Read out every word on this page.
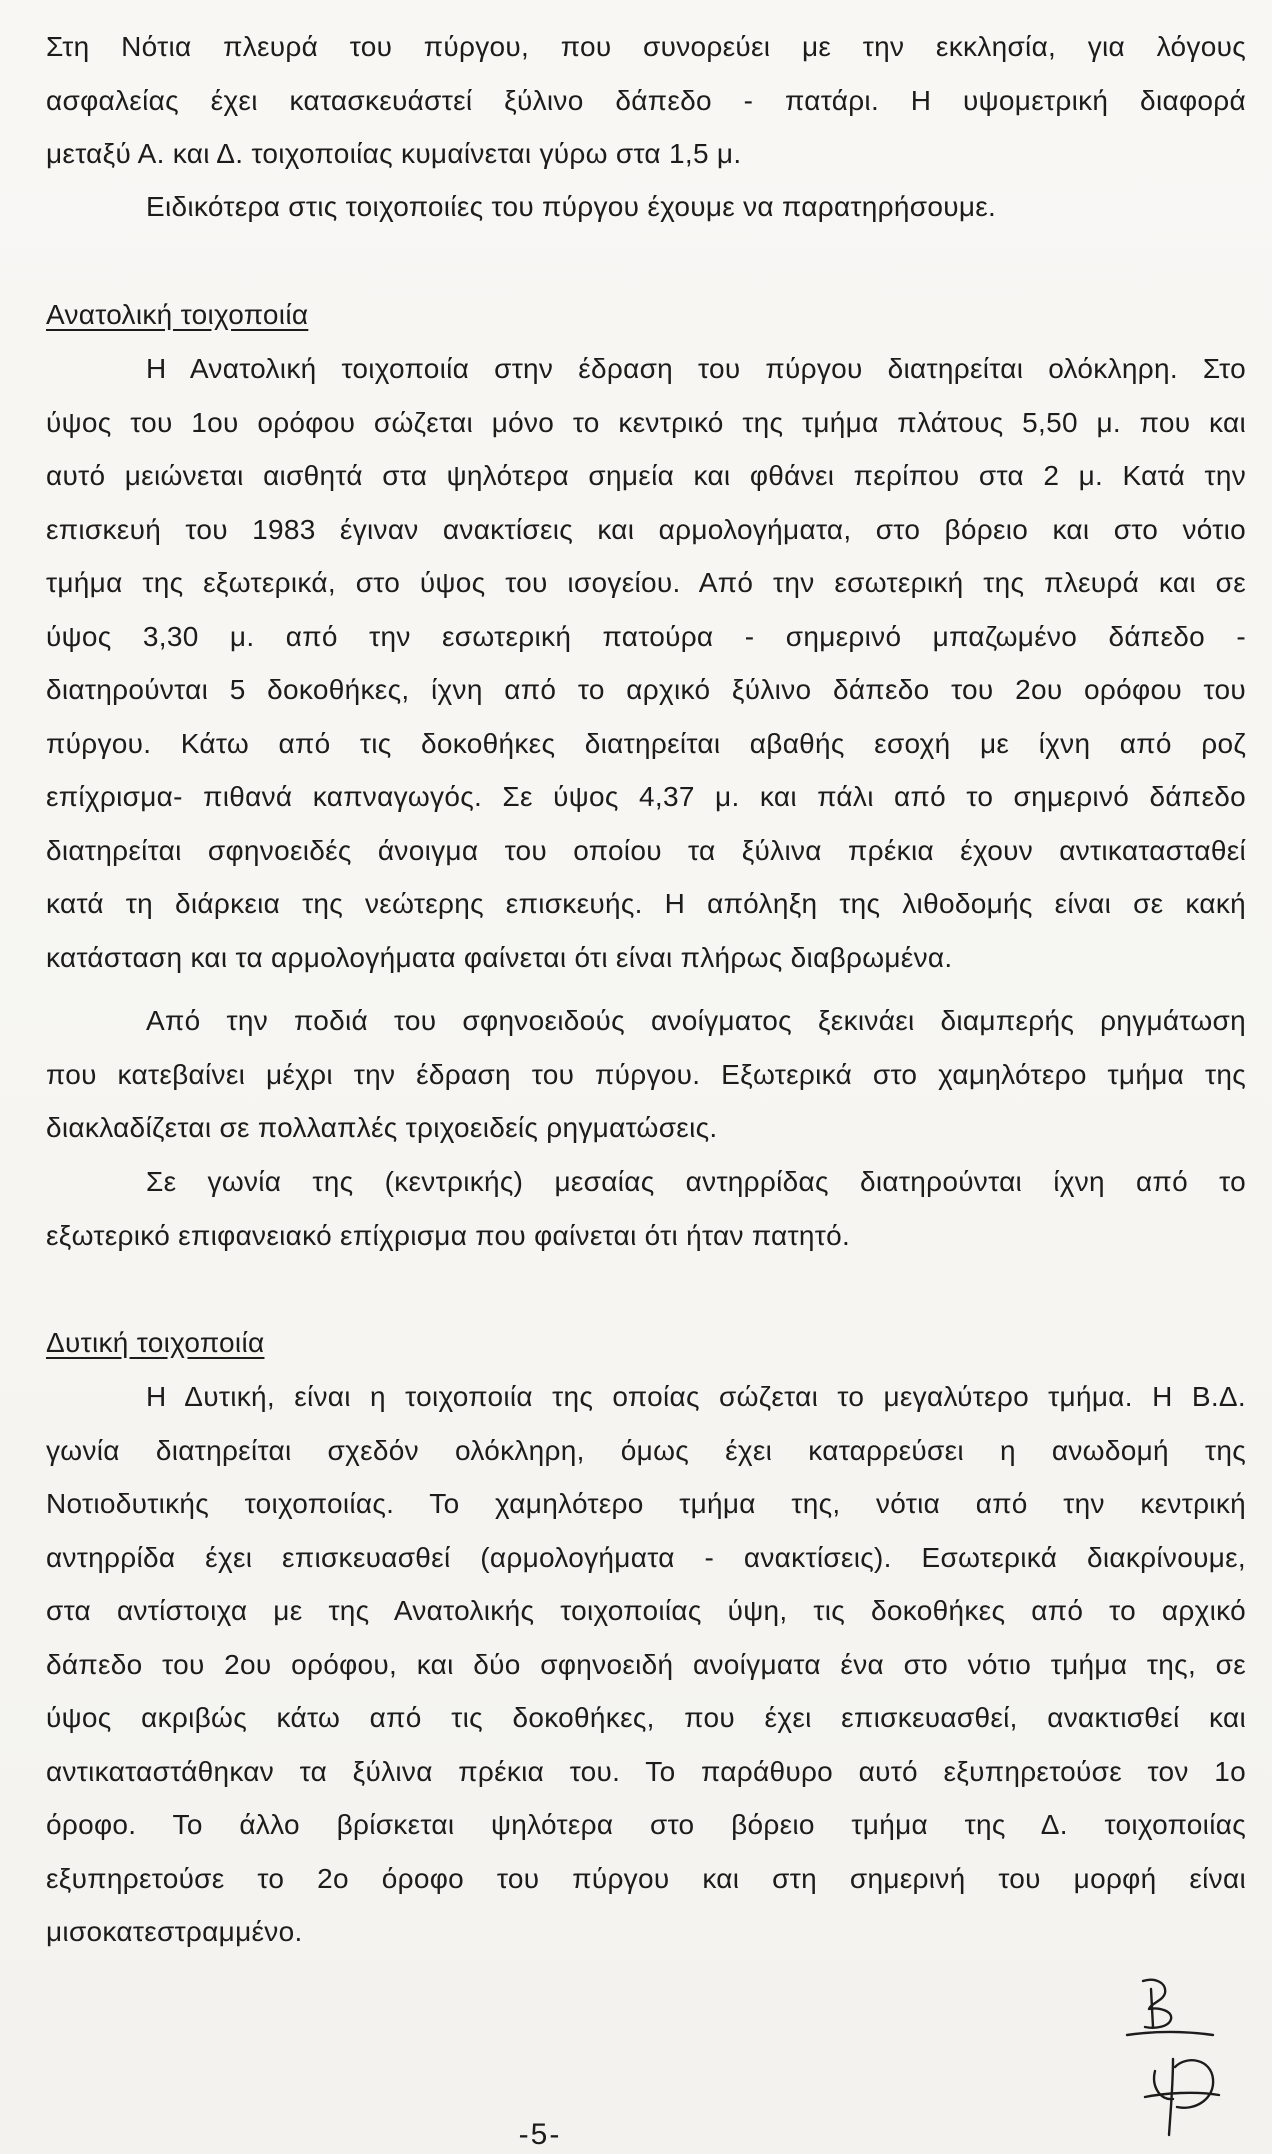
Στη Νότια πλευρά του πύργου, που συνορεύει με την εκκλησία, για λόγους
ασφαλείας έχει κατασκευάστεί ξύλινο δάπεδο - πατάρι. Η υψομετρική διαφορά
μεταξύ Α. και Δ. τοιχοποιίας κυμαίνεται γύρω στα 1,5 μ.
Ειδικότερα στις τοιχοποιίες του πύργου έχουμε να παρατηρήσουμε.
Ανατολική τοιχοποιία
Η Ανατολική τοιχοποιία στην έδραση του πύργου διατηρείται ολόκληρη. Στο
ύψος του 1ου ορόφου σώζεται μόνο το κεντρικό της τμήμα πλάτους 5,50 μ. που και
αυτό μειώνεται αισθητά στα ψηλότερα σημεία και φθάνει περίπου στα 2 μ. Κατά την
επισκευή του 1983 έγιναν ανακτίσεις και αρμολογήματα, στο βόρειο και στο νότιο
τμήμα της εξωτερικά, στο ύψος του ισογείου. Από την εσωτερική της πλευρά και σε
ύψος 3,30 μ. από την εσωτερική πατούρα - σημερινό μπαζωμένο δάπεδο -
διατηρούνται 5 δοκοθήκες, ίχνη από το αρχικό ξύλινο δάπεδο του 2ου ορόφου του
πύργου. Κάτω από τις δοκοθήκες διατηρείται αβαθής εσοχή με ίχνη από ροζ
επίχρισμα- πιθανά καπναγωγός. Σε ύψος 4,37 μ. και πάλι από το σημερινό δάπεδο
διατηρείται σφηνοειδές άνοιγμα του οποίου τα ξύλινα πρέκια έχουν αντικατασταθεί
κατά τη διάρκεια της νεώτερης επισκευής. Η απόληξη της λιθοδομής είναι σε κακή
κατάσταση και τα αρμολογήματα φαίνεται ότι είναι πλήρως διαβρωμένα.
Από την ποδιά του σφηνοειδούς ανοίγματος ξεκινάει διαμπερής ρηγμάτωση
που κατεβαίνει μέχρι την έδραση του πύργου. Εξωτερικά στο χαμηλότερο τμήμα της
διακλαδίζεται σε πολλαπλές τριχοειδείς ρηγματώσεις.
Σε γωνία της (κεντρικής) μεσαίας αντηρρίδας διατηρούνται ίχνη από το
εξωτερικό επιφανειακό επίχρισμα που φαίνεται ότι ήταν πατητό.
Δυτική τοιχοποιία
Η Δυτική, είναι η τοιχοποιία της οποίας σώζεται το μεγαλύτερο τμήμα. Η Β.Δ.
γωνία διατηρείται σχεδόν ολόκληρη, όμως έχει καταρρεύσει η ανωδομή της
Νοτιοδυτικής τοιχοποιίας. Το χαμηλότερο τμήμα της, νότια από την κεντρική
αντηρρίδα έχει επισκευασθεί (αρμολογήματα - ανακτίσεις). Εσωτερικά διακρίνουμε,
στα αντίστοιχα με της Ανατολικής τοιχοποιίας ύψη, τις δοκοθήκες από το αρχικό
δάπεδο του 2ου ορόφου, και δύο σφηνοειδή ανοίγματα ένα στο νότιο τμήμα της, σε
ύψος ακριβώς κάτω από τις δοκοθήκες, που έχει επισκευασθεί, ανακτισθεί και
αντικαταστάθηκαν τα ξύλινα πρέκια του. Το παράθυρο αυτό εξυπηρετούσε τον 1ο
όροφο. Το άλλο βρίσκεται ψηλότερα στο βόρειο τμήμα της Δ. τοιχοποιίας
εξυπηρετούσε το 2ο όροφο του πύργου και στη σημερινή του μορφή είναι
μισοκατεστραμμένο.
-5-
